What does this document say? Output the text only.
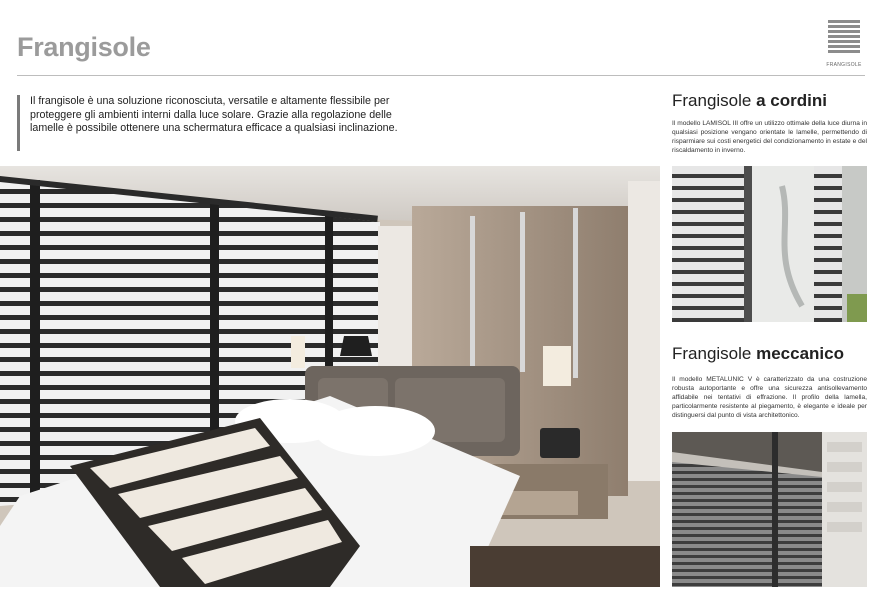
Frangisole
FRANGISOLE
Il frangisole è una soluzione riconosciuta, versatile e altamente flessibile per proteggere gli ambienti interni dalla luce solare. Grazie alla regolazione delle lamelle è possibile ottenere una schermatura efficace a qualsiasi inclinazione.
Frangisole a cordini
Il modello LAMISOL III offre un utilizzo ottimale della luce diurna in qualsiasi posizione vengano orientate le lamelle, permettendo di risparmiare sui costi energetici del condizionamento in estate e del riscaldamento in inverno.
Frangisole meccanico
Il modello METALUNIC V è caratterizzato da una costruzione robusta autoportante e offre una sicurezza antisollevamento affidabile nei tentativi di effrazione. Il profilo della lamella, particolarmente resistente al piegamento, è elegante e ideale per distinguersi dal punto di vista architettonico.
